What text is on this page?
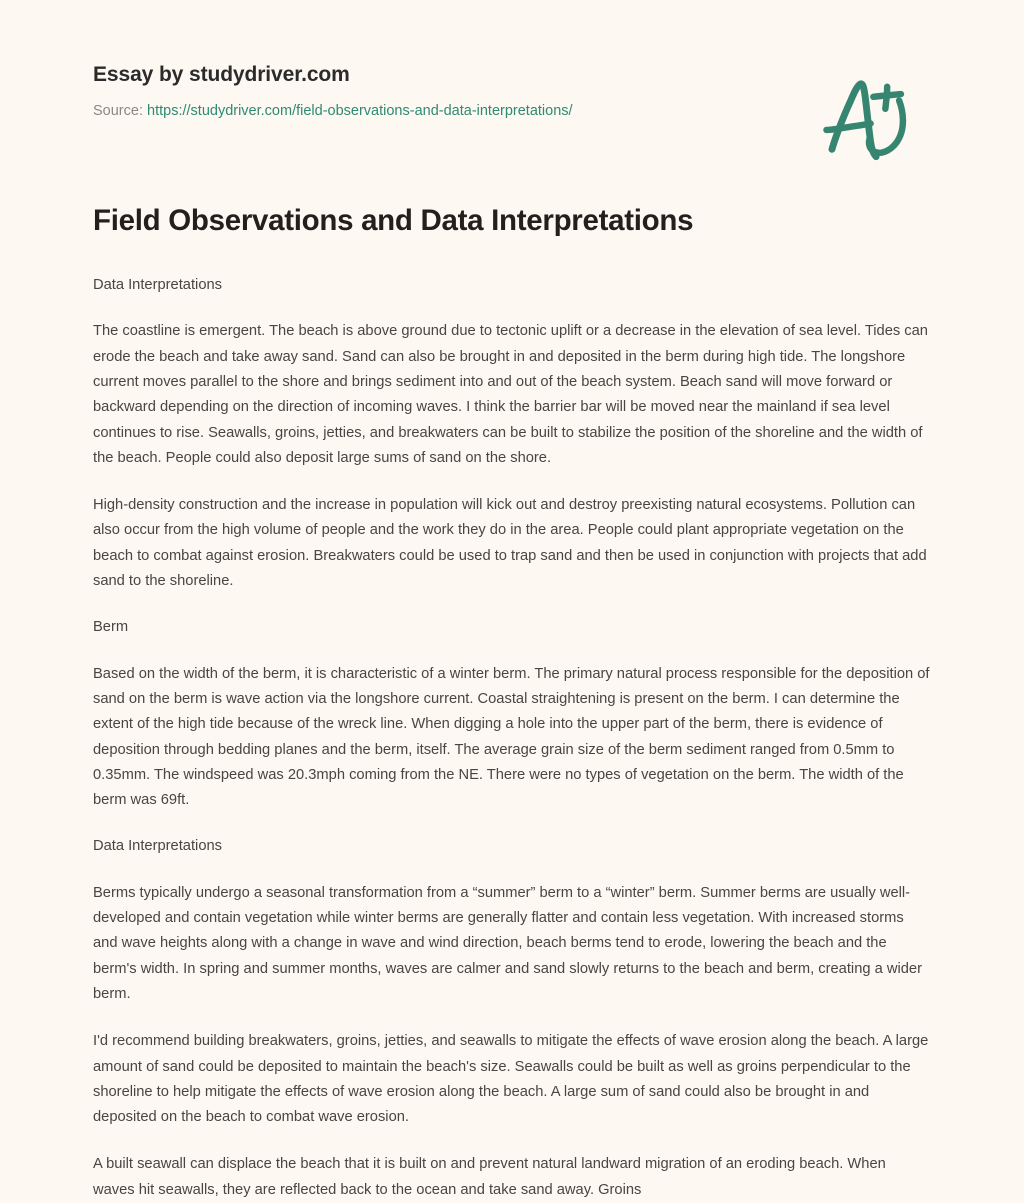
Essay by studydriver.com
Source: https://studydriver.com/field-observations-and-data-interpretations/
Field Observations and Data Interpretations
Data Interpretations

The coastline is emergent. The beach is above ground due to tectonic uplift or a decrease in the elevation of sea level. Tides can erode the beach and take away sand. Sand can also be brought in and deposited in the berm during high tide. The longshore current moves parallel to the shore and brings sediment into and out of the beach system. Beach sand will move forward or backward depending on the direction of incoming waves. I think the barrier bar will be moved near the mainland if sea level continues to rise. Seawalls, groins, jetties, and breakwaters can be built to stabilize the position of the shoreline and the width of the beach. People could also deposit large sums of sand on the shore.

High-density construction and the increase in population will kick out and destroy preexisting natural ecosystems. Pollution can also occur from the high volume of people and the work they do in the area. People could plant appropriate vegetation on the beach to combat against erosion. Breakwaters could be used to trap sand and then be used in conjunction with projects that add sand to the shoreline.

Berm

Based on the width of the berm, it is characteristic of a winter berm. The primary natural process responsible for the deposition of sand on the berm is wave action via the longshore current. Coastal straightening is present on the berm. I can determine the extent of the high tide because of the wreck line. When digging a hole into the upper part of the berm, there is evidence of deposition through bedding planes and the berm, itself. The average grain size of the berm sediment ranged from 0.5mm to 0.35mm. The windspeed was 20.3mph coming from the NE. There were no types of vegetation on the berm. The width of the berm was 69ft.

Data Interpretations

Berms typically undergo a seasonal transformation from a “summer” berm to a “winter” berm. Summer berms are usually well-developed and contain vegetation while winter berms are generally flatter and contain less vegetation. With increased storms and wave heights along with a change in wave and wind direction, beach berms tend to erode, lowering the beach and the berm's width. In spring and summer months, waves are calmer and sand slowly returns to the beach and berm, creating a wider berm.

I'd recommend building breakwaters, groins, jetties, and seawalls to mitigate the effects of wave erosion along the beach. A large amount of sand could be deposited to maintain the beach's size. Seawalls could be built as well as groins perpendicular to the shoreline to help mitigate the effects of wave erosion along the beach. A large sum of sand could also be brought in and deposited on the beach to combat wave erosion.

A built seawall can displace the beach that it is built on and prevent natural landward migration of an eroding beach. When waves hit seawalls, they are reflected back to the ocean and take sand away. Groins
